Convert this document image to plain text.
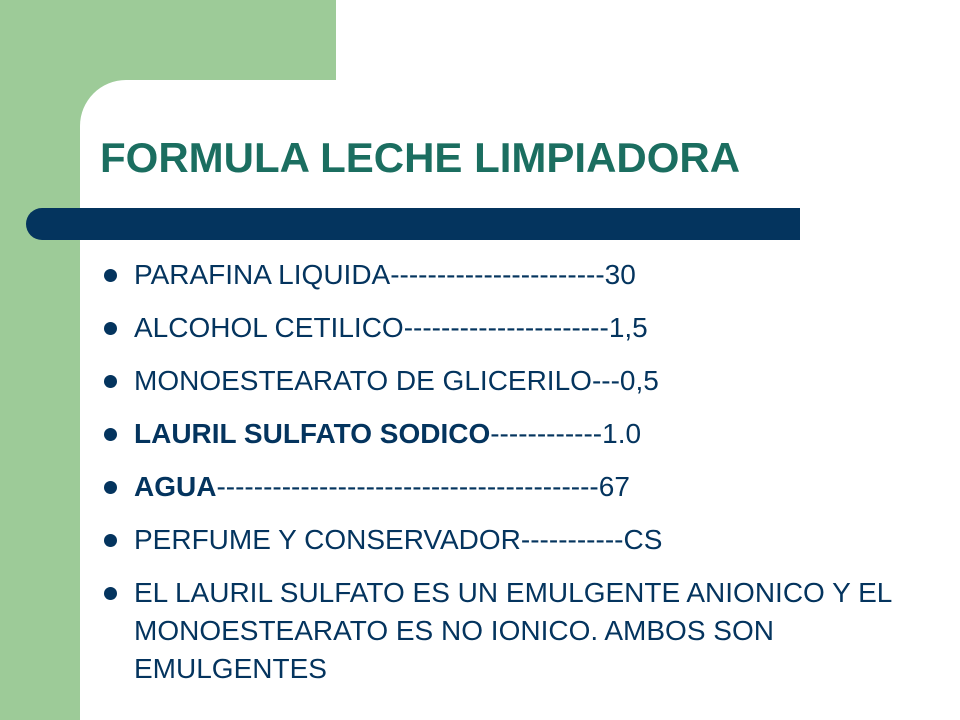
FORMULA LECHE LIMPIADORA
PARAFINA LIQUIDA-----------------------30
ALCOHOL CETILICO----------------------1,5
MONOESTEARATO DE GLICERILO---0,5
LAURIL SULFATO SODICO------------1.0
AGUA-----------------------------------------67
PERFUME Y CONSERVADOR-----------CS
EL LAURIL SULFATO ES UN EMULGENTE ANIONICO Y EL MONOESTEARATO ES NO IONICO. AMBOS SON EMULGENTES
